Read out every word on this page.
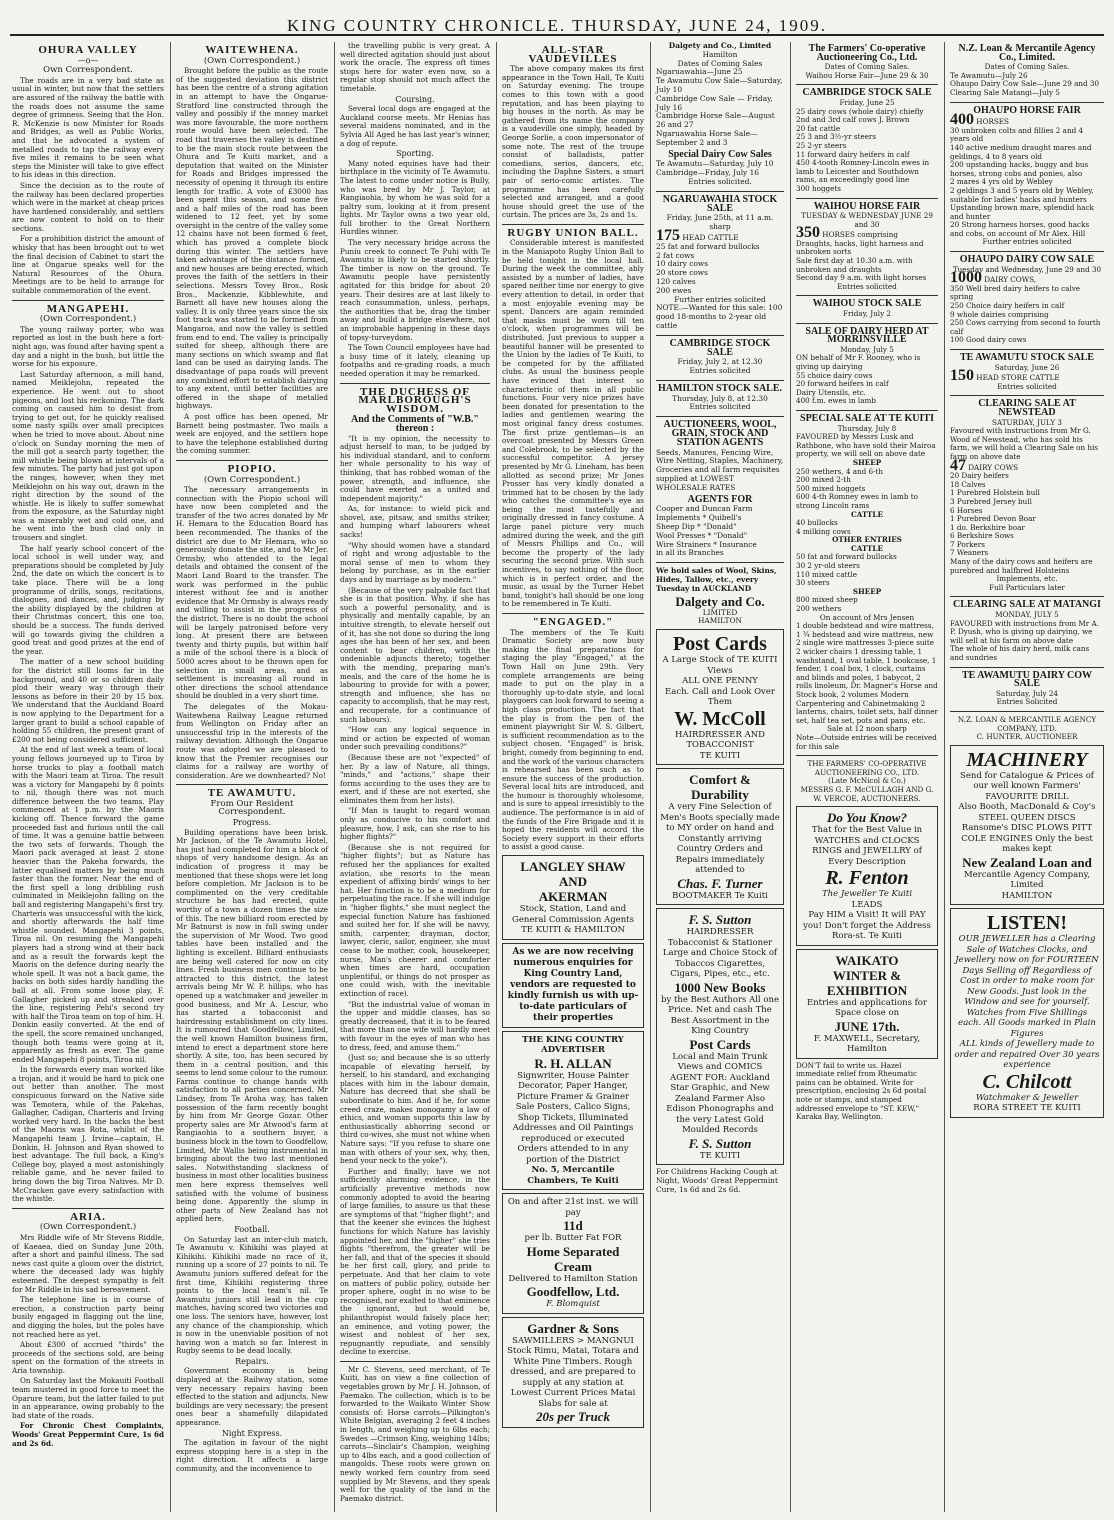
KING COUNTRY CHRONICLE. THURSDAY, JUNE 24, 1909.
OHURA VALLEY
—o—
Own Correspondent.

The roads are in a very bad state as usual in winter, but now that the settlers are assured of the railway the battle with the roads does not assume the same degree of grimness. Seeing that the Hon. R. McKenzie is now Minister for Roads and Bridges, as well as Public Works, and that he advocated a system of metalled roads to tap the railway every five miles it remains to be seen what steps the Minister will take to give effect to his ideas in this direction.

Since the decision as to the route of the railway has been declared properties which were in the market at cheap prices have hardened considerably, and settlers are now content to hold on to their sections.

For a prohibition district the amount of whisky that has been brought out to wet the final decision of Cabinet to start the line at Ongarue speaks well for the Natural Resources of the Ohura. Meetings are to be held to arrange for suitable commemoration of the event.

MANGAPEHI.
(Own Correspondent.)

The young railway porter, who was reported as lost in the bush here a fort-night ago, was found after having spent a day and a night in the bush, but little the worse for his exposure.

Last Saturday afternoon, a mill hand, named Meiklejohn, repeated the experience. He went out to shoot pigeons, and lost his reckoning. The dark coming on caused him to desist from trying to get out, for he quickly realised some nasty spills over small precipices when he tried to move about. About nine o'clock on Sunday morning the men of the mill got a search party together, the mill whistle being blown at intervals of a few minutes. The party had just got upon the ranges, however, when they met Meiklejohn on his way out, drawn in the right direction by the sound of the whistle. He is likely to suffer somewhat from the exposure, as the Saturday night was a miserably wet and cold one, and he went into the bush clad only in trousers and singlet.

The half yearly school concert of the local school is well under way, and preparations should be completed by July 2nd, the date on which the concert is to take place. There will be a long programme of drills, songs, recitations, dialogues, and dances, and, judging by the ability displayed by the children at their Christmas concert, this one too, should be a success. The funds derived will go towards giving the children a good treat and good prizes at the end of the year.

The matter of a new school building for the district still looms far in the background, and 40 or so children daily plod their weary way through their lessons as before in their 20 by 15 box. We understand that the Auckland Board is now applying to the Department for a larger grant to build a school capable of holding 55 children, the present grant of £200 not being considered sufficient.

At the end of last week a team of local young fellows journeyed up to Tiroa by horse trucks to play a football match with the Maori team at Tiroa. The result was a victory for Mangapehi by 8 points to nil, though there was not much difference between the two teams. Play commenced at 1 p.m. by the Maoris kicking off. Thence forward the game proceeded fast and furious until the call of time. It was a genuine battle between the two sets of forwards. Though the Maori pack averaged at least 2 stone heavier than the Pakeha forwards, the latter equalised matters by being much faster than the former. Near the end of the first spell a long dribbling rush culminated in Meiklejohn falling on the ball and registering Mangapehi's first try. Charteris was unsuccessful with the kick, and shortly afterwards the half time whistle sounded. Mangapehi 3 points, Tiroa nil. On resuming the Mangapehi players had a strong wind at their back and as a result the forwards kept the Maoris on the defence during nearly the whole spell. It was not a back game, the backs on both sides hardly handling the ball at all. From some loose play, F. Gallagher picked up and streaked over the line, registering Pehi's second try with half the Tiroa team on top of him. H. Donkin easily converted. At the end of the spell, the score remained unchanged, though both teams were going at it, apparently as fresh as ever. The game ended Mangapehi 8 points, Tiroa nil.

In the forwards every man worked like a trojan, and it would be hard to pick one out better than another. The most conspicuous forward on the Native side was Temotera, while of the Pakehas, Gallagher, Cadigan, Charteris and Irving worked very hard. In the backs the best of the Maoris was Rota, whilst of the Mangapehi team J. Irvine—captain, H. Donkin, H. Johnson and Ryan showed to best advantage. The full back, a King's College boy, played a most astonishingly reliable game, and he never failed to bring down the big Tiroa Natives. Mr D. McCracken gave every satisfaction with the whistle.

ARIA.
(Own Correspondent.)

Mrs Riddle wife of Mr Stevens Riddle, of Kaeaea, died on Sunday June 20th, after a short and painful illness. The sad news cast quite a gloom over the district, where the deceased lady was highly esteemed. The deepest sympathy is felt for Mr Riddle in his sad bereavement.

The telephone line is in course of erection, a construction party being busily engaged in flagging out the line, and digging the holes, but the poles have not reached here as yet.

About £300 of accrued "thirds" the proceeds of the sections sold, are being spent on the formation of the streets in Aria township.

On Saturday last the Mokauiti Football team mustered in good force to meet the Oparure team, but the latter failed to put in an appearance, owing probably to the bad state of the roads.

For Chronic Chest Complaints, Woods' Great Peppermint Cure, 1s 6d and 2s 6d.

WAITEWHENA.
(Own Correspondent.)

Brought before the public as the route of the suggested deviation this district has been the centre of a strong agitation in an attempt to have the Ongarue-Stratford line constructed through the valley and possibly if the money market was more favourable, the more northern route would have been selected. The road that traverses the valley is destined to be the main stock route between the Ohura and Te Kuiti market, and a deputation that waited on the Minister for Roads and Bridges impressed the necessity of opening it through its entire length for traffic. A vote of £3000 has been spent this season, and some five and a half miles of the road has been widened to 12 feet, yet by some oversight in the centre of the valley some 12 chains have not been formed 6 feet, which has proved a complete block during this winter. The settlers have taken advantage of the distance formed, and new houses are being erected, which proves the faith of the settlers in their selections. Messrs Tovey Bros., Rosk Bros., Mackenzie, Kibblewhite, and Barnett all have new houses along the valley. It is only three years since the six foot track was started to be formed from Mangaroa, and now the valley is settled from end to end. The valley is principally suited for sheep, although there are many sections on which swamp and flat land can be used as dairying lands. The disadvantage of papa roads will prevent any combined effort to establish dairying to any extent, until better facilities are offered in the shape of metalled highways.

A post office has been opened, Mr Barnett being postmaster. Two mails a week are enjoyed, and the settlers hope to have the telephone established during the coming summer.

PIOPIO.
(Own Correspondent.)

The necessary arrangements in connection with the Piopio school will have now been completed and the transfer of the two acres donated by Mr H. Hemara to the Education Board has been recommended. The thanks of the district are due to Mr Hemara, who so generously donate the site, and to Mr Jer. Ormsby, who attended to the legal details and obtained the consent of the Maori Land Board to the transfer. The work was performed in the public interest without fee and is another evidence that Mr Ormsby is always ready and willing to assist in the progress of the district. There is no doubt the school will be largely patronised before very long. At present there are between twenty and thirty pupils, but within half a mile of the school there is a block of 5000 acres about to be thrown open for selection in small areas, and as settlement is increasing all round in other directions the school attendance should be doubled in a very short time.

The delegates of the Mokau-Waitewhena Railway League returned from Wellington on Friday after an unsuccessful trip in the interests of the railway deviation. Although the Ongarue route was adopted we are pleased to know that the Premier recognises our claims for a railway are worthy of consideration. Are we downhearted? No!

TE AWAMUTU.
From Our Resident Correspondent.
Progress.

Building operations have been brisk. Mr Jackson, of the Te Awamutu Hotel, has just had completed for him a block of shops of very handsome design. As an indication of progress it may be mentioned that these shops were let long before completion. Mr Jackson is to be complimented on the very creditable structure he has had erected, quite worthy of a town a dozen times the size of this. The new billiard room erected by Mr Batnurst is now in full swing under the supervision of Mr Wood. Two good tables have been installed and the lighting is excellent. Billiard enthusiasts are being well catered for now on city lines. Fresh business men continue to be attracted to this district, the latest arrivals being Mr W. P. hillips, who has opened up a watchmaker and jeweller in good business, and Mr A. Lescur, who has started a tobacconist and hairdressing establishment on city lines. It is rumoured that Goodfellow, Limited, the well known Hamilton business firm, intend to erect a department store here shortly. A site, too, has been secured by them in a central position, and this seems to lend some colour to the rumour. Farms continue to change hands with satisfaction to all parties concerned. Mr Lindsey, from Te Aroha way, has taken possession of the farm recently bought by him from Mr George Gozar. Other property sales are Mr Atwood's farm at Rangiaohia to a southern buyer, a business block in the town to Goodfellow, Limited, Mr Wallis being instrumental in bringing about the two last mentioned sales. Notwithstanding slackness of business in most other localities business men here express themselves well satisfied with the volume of business being done. Apparently the slump in other parts of New Zealand has not applied here.

Football.

On Saturday last an inter-club match, Te Awamutu v. Kihikihi was played at Kihikihi. Kihikihi made no race of it, running up a score of 27 points to nil. Te Awamutu juniors suffered defeat for the first time, Kihikihi registering three points to the local team's nil. Te Awamutu juniors still lead in the cup matches, having scored two victories and one loss. The seniors have, however, lost any chance of the championship, which is now in the unenviable position of not having won a match so far. Interest in Rugby seems to be dead locally.

Repairs.

Government economy is being displayed at the Railway station, some very necessary repairs having been effected to the station and adjuncts. New buildings are very necessary; the present ones bear a shamefully dilapidated appearance.

Night Express.

The agitation in favour of the night express stopping here is a step in the right direction. It affects a large community, and the inconvenience to

the travelling public is very great. A well directed agitation should just about work the oracle. The express oft times stops here for water even now, so a regular stop should not much affect the timetable.

Coursing.

Several local dogs are engaged at the Auckland course meets. Mr Henias has several maidens nominated, and in the Sylvia All Aged he has last year's winner, a dog of repute.

Sporting.

Many noted equines have had their birthplace in the vicinity of Te Awamutu. The latest to come under notice is Bully, who was bred by Mr J. Taylor, at Rangiaohia, by whom he was sold for a paltry sum, looking at it from present lights. Mr Taylor owns a two year old, full brother to the Great Northern Hurdles winner.

The very necessary bridge across the Puniu creek to connect Te Puhi with Te Awamutu is likely to be started shortly. The timber is now on the ground. Te Awamutu people have persistently agitated for this bridge for about 20 years. Their desires are at last likely to reach consummation, unless, perhaps, the authorities that be, drag the timber away and build a bridge elsewhere, not an improbable happening in these days of topsy-turveydom.

The Town Council employees have had a busy time of it lately, cleaning up footpaths and re-grading roads, a much needed operation it may be remarked.

THE DUCHESS OF MARLBOROUGH'S WISDOM.
And the Comments of "W.B." thereon :

"It is my opinion, the necessity to adjust herself to man, to be judged by his individual standard, and to conform her whole personality to his way of thinking, that has robbed woman of the power, strength, and influence, she could have exerted as a united and independent majority."

As, for instance: to wield pick and shovel, axe, pitsaw, and smiths striker, and humping wharf labourers wheat sacks!

"Why should women have a standard of right and wrong adjustable to the moral sense of men to whom they belong by purchase, as in the earlier days and by marriage as by modern."

(Because of the very palpable fact that she is in that position. Why, if she has such a powerful personality, and is physically and mentally capable, by an intuitive strength, to elevate herself out of it, has she not done so during the long ages she has been of her sex, and been content to bear children, with the undeniable adjuncts thereto; together with the mending, preparing man's meals, and the care of the home he is labouring to provide for with a power, strength and influence, she has no capacity to accomplish, that he may rest, and recuperate, for a continuance of such labours).

"How can any logical sequence in mind or action be expected of woman under such prevailing conditions?"

(Because these are not "expected" of her. By a law of Nature, all things, "minds," and "actions," shape their forms according to the uses they are to exert, and if these are not exerted, she eliminates them from her lists).

"If Man is taught to regard woman only as conducive to his comfort and pleasure, how, I ask, can she rise to his higher flights?"

(Because she is not required for "higher flights"; but as Nature has refused her the appliances for exalted aviation, she resorts to the mean expedient of affixing birds' wings to her hat. Her function is to be a medium for perpetuating the race. If she will indulge in "higher flights," she must neglect the especial function Nature has fashioned and suited her for. If she will be navvy, smith, carpenter, drayman, doctor, lawyer, cleric, sailor, engineer, she must cease to be mother, cook, housekeeper, nurse, Man's cheerer and comforter when times are hard, occupation unplentiful, or things do not prosper as one could wish, with the inevitable extinction of race).

"But the industrial value of woman in the upper and middle classes, has so greatly decreased, that it is to be feared that more than one wife will hardly meet with favour in the eyes of man who has to dress, feed, and amuse them."

(Just so; and because she is so utterly incapable of elevating herself, by herself, to his standard, and exchanging places with him in the labour domain, Nature has decreed that she shall be subordinate to him. And if he, for some creed craze, makes monogamy a law of ethics, and woman supports this law by enthusiastically abhorring second or third co-wives, she must not whine when Nature says: "If you refuse to share one man with others of your sex, why, then, bend your neck to the yoke").

Further and finally; have we not sufficiently alarming evidence, in the artificially preventive methods now commonly adopted to avoid the bearing of large families, to assure us that these are symptoms of that "higher flight"; and that the keener she evinces the highest functions for which Nature has lavishly appointed her, and the "higher" she tries flights "therefrom, the greater will be her fall, and that of the species it should be her first call, glory, and pride to perpetuate. And that her claim to vote on matters of public policy, outside her proper sphere, ought in no wise to be recognised, nor exalted to that eminence the ignorant, but would be, philanthropist would falsely place her; an eminence, and voting power, the wisest and noblest of her sex, repugnantly repudiate, and sensibly decline to exercise.

Mr C. Stevens, seed merchant, of Te Kuiti, has on view a fine collection of vegetables grown by Mr J. H. Johnson, of Paemako. The collection, which is to be forwarded to the Waikato Winter Show consists of: Horse carrots—Pilkington's White Belgian, averaging 2 feet 4 inches in length, and weighing up to 6lbs each; Swedes —Crimson King, weighing 14lbs; carrots—Sinclair's Champion, weighing up to 4lbs each, and a good collection of mangolds. These roots were grown on newly worked fern country from seed supplied by Mr Stevens, and they speak well for the quality of the land in the Paemako district.

ALL-STAR VAUDEVILLES

The above company makes its first appearance in the Town Hall, Te Kuiti on Saturday evening. The troupe comes to this town with a good reputation, and has been playing to big houses in the north. As may be gathered from its name the company is a vaudeville one simply, headed by George Sorlie, a coon impersonator of some note. The rest of the troupe consist of balladists, patter comedians, serios, dancers, etc, including the Daphne Sisters, a smart pair of serio-comic artistes. The programme has been carefully selected and arranged, and a good house should greet the use of the curtain. The prices are 3s, 2s and 1s.

RUGBY UNION BALL.

Considerable interest is manifested in the Maniapoto Rugby Union Ball to be held tonight in the local hall. During the week the committee, ably assisted by a number of ladies, have spared neither time nor energy to give every attention to detail, in order that a most enjoyable evening may be spent. Dancers are again reminded that masks must be worn till ten o'clock, when programmes will be distributed. Just previous to supper a beautiful banner will be presented to the Union by the ladies of Te Kuiti, to be competed for by the affiliated clubs. As usual the business people have evinced that interest so characteristic of them in all public functions. Four very nice prizes have been donated for presentation to the ladies and gentlemen wearing the most original fancy dress costumes. The first prize gentleman—is an overcoat presented by Messrs Green and Colebrook, to be selected by the successful competitor. A jersey presented by Mr G. Lineham, has been allotted as second prize; Mr Jones Prosser has very kindly donated a trimmed hat to be chosen by the lady who catches the committee's eye as being the most tastefully and originally dressed in fancy costume. A large panel picture very much admired during the week, and the gift of Messrs Phillips and Co., will become the property of the lady securing the second prize. With such incentives, to say nothing of the floor, which is in perfect order, and the music, as usual by the Turner Hebet band, tonight's ball should be one long to be remembered in Te Kuiti.

"ENGAGED."

The members of the Te Kuiti Dramatic Society are now busy making the final preparations for staging the play "Engaged," at the Town Hall on June 29th. Very complete arrangements are being made to put on the play in a thoroughly up-to-date style, and local playgoers can look forward to seeing a high class production. The fact that the play is from the pen of the eminent playwright Sir W. S. Gilbert, is sufficient recommendation as to the subject chosen. "Engaged" is brisk, bright, comedy from beginning to end, and the work of the various characters is rehearsed has been such as to ensure the success of the production. Several local hits are introduced, and the humour is thoroughly wholesome, and is sure to appeal irresistibly to the audience. The performance is in aid of the funds of the Fire Brigade and it is hoped the residents will accord the Society every support in their efforts to assist a good cause.

LANGLEY SHAW AND
AKERMAN
Stock, Station, Land and General Commission Agents
TE KUITI & HAMILTON
As we are now receiving numerous enquiries for King Country Land, vendors are requested to kindly furnish us with up-to-date particulars of their properties
THE KING COUNTRY ADVERTISER
R. H. ALLAN
Signwriter, House Painter Decorator, Paper Hanger, Picture Framer & Grainer
Sale Posters, Calico Signs, Shop Tickets, Illuminated Addresses and Oil Paintings reproduced or executed
Orders attended to in any portion of the District
No. 5, Mercantile Chambers, Te Kuiti
On and after 21st inst. we will pay
11d
per lb. Butter Fat FOR
Home Separated Cream
Delivered to Hamilton Station
Goodfellow, Ltd.
F. Blomquist
Gardner & Sons
SAWMILLERS > MANGNUI
Stock Rimu, Matai, Totara and White Pine Timbers. Rough dressed, and are prepared to supply at any station at Lowest Current Prices Matai Slabs for sale at
20s per Truck
Dalgety and Co., Limited
Hamilton
Dates of Coming Sales
Ngaruawahia—June 25
Te Awamutu Cow Sale—Saturday, July 10
Cambridge Cow Sale — Friday, July 16
Cambridge Horse Sale—August 26 and 27
Ngaruawahia Horse Sale—September 2 and 3
Special Dairy Cow Sales
Te Awamutu—Saturday, July 10
Cambridge—Friday, July 16
Entries solicited.
NGARUAWAHIA STOCK SALE
Friday, June 25th, at 11 a.m. sharp
175 HEAD CATTLE
25 fat and forward bullocks
2 fat cows
10 dairy cows
20 store cows
120 calves
200 ewes
Further entries solicited
NOTE.—Wanted for this sale: 100 good 18-months to 2-year old cattle
CAMBRIDGE STOCK SALE
Friday, July 2, at 12.30
Entries solicited
HAMILTON STOCK SALE.
Thursday, July 8, at 12.30
Entries solicited
AUCTIONEERS, WOOL, GRAIN, STOCK AND STATION AGENTS
Seeds, Manures, Fencing Wire, Wire Netting, Staples, Machinery, Groceries and all farm requisites supplied at LOWEST WHOLESALE RATES
AGENTS FOR
Cooper and Duncan Farm
Implements * Quibell's
Sheep Dip * "Donald"
Wool Presses * "Donald"
Wire Strainers * Insurance
in all its Branches
We hold sales of Wool, Skins, Hides, Tallow, etc., every Tuesday in AUCKLAND
Dalgety and Co.
LIMITED
HAMILTON
Post Cards
A Large Stock of TE KUITI Views
ALL ONE PENNY
Each. Call and Look Over Them
W. McColl
HAIRDRESSER AND TOBACCONIST
TE KUITI
Comfort & Durability
A very Fine Selection of Men's Boots specially made to MY order on hand and Constantly arriving Country Orders and Repairs immediately attended to
Chas. F. Turner
BOOTMAKER Te Kuiti
F. S. Sutton
HAIRDRESSER
Tobacconist & Stationer
Large and Choice Stock of Tobaccos Cigarettes, Cigars, Pipes, etc., etc.
1000 New Books
by the Best Authors All one Price. Net and cash The Best Assortment in the King Country
Post Cards
Local and Main Trunk Views and COMICS
AGENT FOR: Auckland Star Graphic, and New Zealand Farmer Also Edison Phonographs and the very Latest Gold Moulded Records
F. S. Sutton
TE KUITI
For Childrens Hacking Cough at Night, Woods' Great Peppermint Cure, 1s 6d and 2s 6d.
The Farmers' Co-operative Auctioneering Co., Ltd.
Dates of Coming Sales.
Waihou Horse Fair—June 29 & 30
CAMBRIDGE STOCK SALE
Friday, June 25
25 dairy cows (whole dairy) chiefly 2nd and 3rd calf cows J. Brown
20 fat cattle
25 3 and 3½-yr steers
25 2-yr steers
11 forward dairy heifers in calf
450 4-tooth Romney-Lincoln ewes in lamb to Leicester and Southdown rams, an exceedingly good line
300 hoggets
WAIHOU HORSE FAIR
TUESDAY & WEDNESDAY JUNE 29 and 30
350 HORSES comprising
Draughts, hacks, light harness and unbroken sorts
Sale first day at 10.30 a.m. with unbroken and draughts
Second day 9 a.m. with light horses
Entries solicited
WAIHOU STOCK SALE
Friday, July 2
SALE OF DAIRY HERD AT MORRINSVILLE
Monday, July 5
ON behalf of Mr F. Rooney, who is giving up dairying
55 choice dairy cows
20 forward heifers in calf
Dairy Utensils, etc.
400 f.m. ewes in lamb
SPECIAL SALE AT TE KUITI
Thursday, July 8
FAVOURED by Messrs Lusk and Rathbone, who have sold their Mairoa property, we will sell on above date
SHEEP
250 wethers, 4 and 6-th
200 mixed 2-th
500 mixed hoggets
600 4-th Romney ewes in lamb to strong Lincoln rams
CATTLE
40 bullocks
4 milking cows
OTHER ENTRIES
CATTLE
50 fat and forward bullocks
30 2 yr-old steers
110 mixed cattle
30 steers
SHEEP
800 mixed sheep
200 wethers
On account of Mrs Jensen
1 double bedstead and wire mattress, 1 ¾ bedstead and wire mattress, new 2 single wire mattresses 3-piece suite 2 wicker chairs 1 dressing table, 1 washstand, 1 oval table, 1 bookcase, 1 fender, 1 coal box, 1 clock, curtains and blinds and poles, 1 babycot, 2 rolls linoleum, Dr. Magner's Horse and Stock book, 2 volumes Modern Carpentering and Cabinetmaking 2 lanterns, chairs, toilet sets, half dinner set, half tea set, pots and pans, etc.
Sale at 12 noon sharp
Note—Outside entries will be received for this sale
THE FARMERS' CO-OPERATIVE AUCTIONEERING CO., LTD.
(Late McNicol & Co.)
MESSRS G. F. McCULLAGH AND G. W. VERCOE, AUCTIONEERS.
Do You Know?
That for the Best Value in WATCHES and CLOCKS RINGS and JEWELLRY of Every Description
R. Fenton
The Jeweller Te Kuiti
LEADS
Pay HIM a Visit! It will PAY you! Don't forget the Address Rora-st. Te Kuiti
WAIKATO
WINTER & EXHIBITION
Entries and applications for Space close on
JUNE 17th.
F. MAXWELL, Secretary, Hamilton
DON'T fail to write us. Hazel immediate relief from Rheumatic pains can be obtained. Write for prescription, enclosing 2s 6d postal note or stamps, and stamped addressed envelope to "ST. KEW," Karaka Bay, Wellington.
N.Z. Loan & Mercantile Agency Co., Limited.
Dates of Coming Sales.
Te Awamutu—July 26
Ohaupo Dairy Cow Sale—June 29 and 30
Clearing Sale Matangi—July 5
OHAUPO HORSE FAIR
400 HORSES
30 unbroken colts and fillies 2 and 4 years old
140 active medium draught mares and geldings, 4 to 8 years old
200 upstanding hacks, buggy and bus horses, strong cobs and ponies, also
2 mares 4 yrs old by Webley
2 geldings 3 and 5 years old by Webley, suitable for ladies' hacks and hunters
Upstanding brown mare, splendid hack and hunter
20 Strong harness horses, good hacks and cobs, on account of Mr Alex. Hill
Further entries solicited
OHAUPO DAIRY COW SALE
Tuesday and Wednesday, June 29 and 30
1000 DAIRY COWS,
350 Well bred dairy heifers to calve spring
250 Choice dairy heifers in calf
9 whole dairies comprising
250 Cows carrying from second to fourth calf
100 Good dairy cows
TE AWAMUTU STOCK SALE
Saturday, June 26
150 HEAD STORE CATTLE
Entries solicited
CLEARING SALE AT NEWSTEAD
SATURDAY, JULY 3
Favoured with instructions from Mr G. Wood of Newstead, who has sold his farm, we will hold a Clearing Sale on his farm on above date
47 DAIRY COWS
20 Dairy heifers
18 Calves
1 Purebred Holstein bull
3 Purebred Jersey bull
6 Horses
1 Purebred Devon Boar
1 do. Berkshire boar
6 Berkshire Sows
7 Porkers
7 Weaners
Many of the dairy cows and heifers are purebred and halfbred Holsteins
Implements, etc.
Full Particulars later
CLEARING SALE AT MATANGI
MONDAY, JULY 5
FAVOURED with instructions from Mr A. P. Dyush, who is giving up dairying, we will sell at his farm on above date
The whole of his dairy herd, milk cans and sundries
TE AWAMUTU DAIRY COW SALE
Saturday, July 24
Entries Solicited
N.Z. LOAN & MERCANTILE AGENCY COMPANY, LTD.
C. HUNTER, AUCTIONEER
MACHINERY
Send for Catalogue & Prices of our well known Farmers' FAVOURITE DRILL
Also Booth, MacDonald & Coy's STEEL QUEEN DISCS Ransome's DISC PLOWS PITT COLE ENGINES Only the best makes kept
New Zealand Loan and
Mercantile Agency Company, Limited
HAMILTON
LISTEN!
OUR JEWELLER has a Clearing Sale of Watches Clocks, and Jewellery now on for FOURTEEN Days Selling off Regardless of Cost in order to make room for New Goods. Just look in the Window and see for yourself. Watches from Five Shillings each. All Goods marked in Plain Figures
ALL kinds of Jewellery made to order and repaired Over 30 years experience
C. Chilcott
Watchmaker & Jeweller
RORA STREET TE KUITI
